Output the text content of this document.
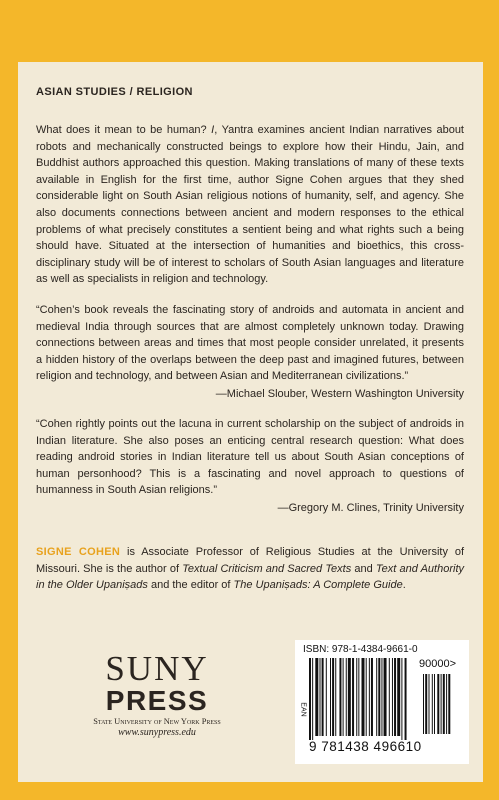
ASIAN STUDIES / RELIGION
What does it mean to be human? I, Yantra examines ancient Indian narratives about robots and mechanically constructed beings to explore how their Hindu, Jain, and Buddhist authors approached this question. Making translations of many of these texts available in English for the first time, author Signe Cohen argues that they shed considerable light on South Asian religious notions of humanity, self, and agency. She also documents connections between ancient and modern responses to the ethical problems of what precisely constitutes a sentient being and what rights such a being should have. Situated at the intersection of humanities and bioethics, this cross-disciplinary study will be of interest to scholars of South Asian languages and literature as well as specialists in religion and technology.
“Cohen’s book reveals the fascinating story of androids and automata in ancient and medieval India through sources that are almost completely unknown today. Drawing connections between areas and times that most people consider unrelated, it presents a hidden history of the overlaps between the deep past and imagined futures, between religion and technology, and between Asian and Mediterranean civilizations.”
—Michael Slouber, Western Washington University
“Cohen rightly points out the lacuna in current scholarship on the subject of androids in Indian literature. She also poses an enticing central research question: What does reading android stories in Indian literature tell us about South Asian conceptions of human personhood? This is a fascinating and novel approach to questions of humanness in South Asian religions.”
—Gregory M. Clines, Trinity University
SIGNE COHEN is Associate Professor of Religious Studies at the University of Missouri. She is the author of Textual Criticism and Sacred Texts and Text and Authority in the Older Upaniṣads and the editor of The Upaniṣads: A Complete Guide.
SUNY
PRESS
State University of New York Press
www.sunypress.edu
ISBN: 978-1-4384-9661-0
EAN
90000>
9 781438 496610
